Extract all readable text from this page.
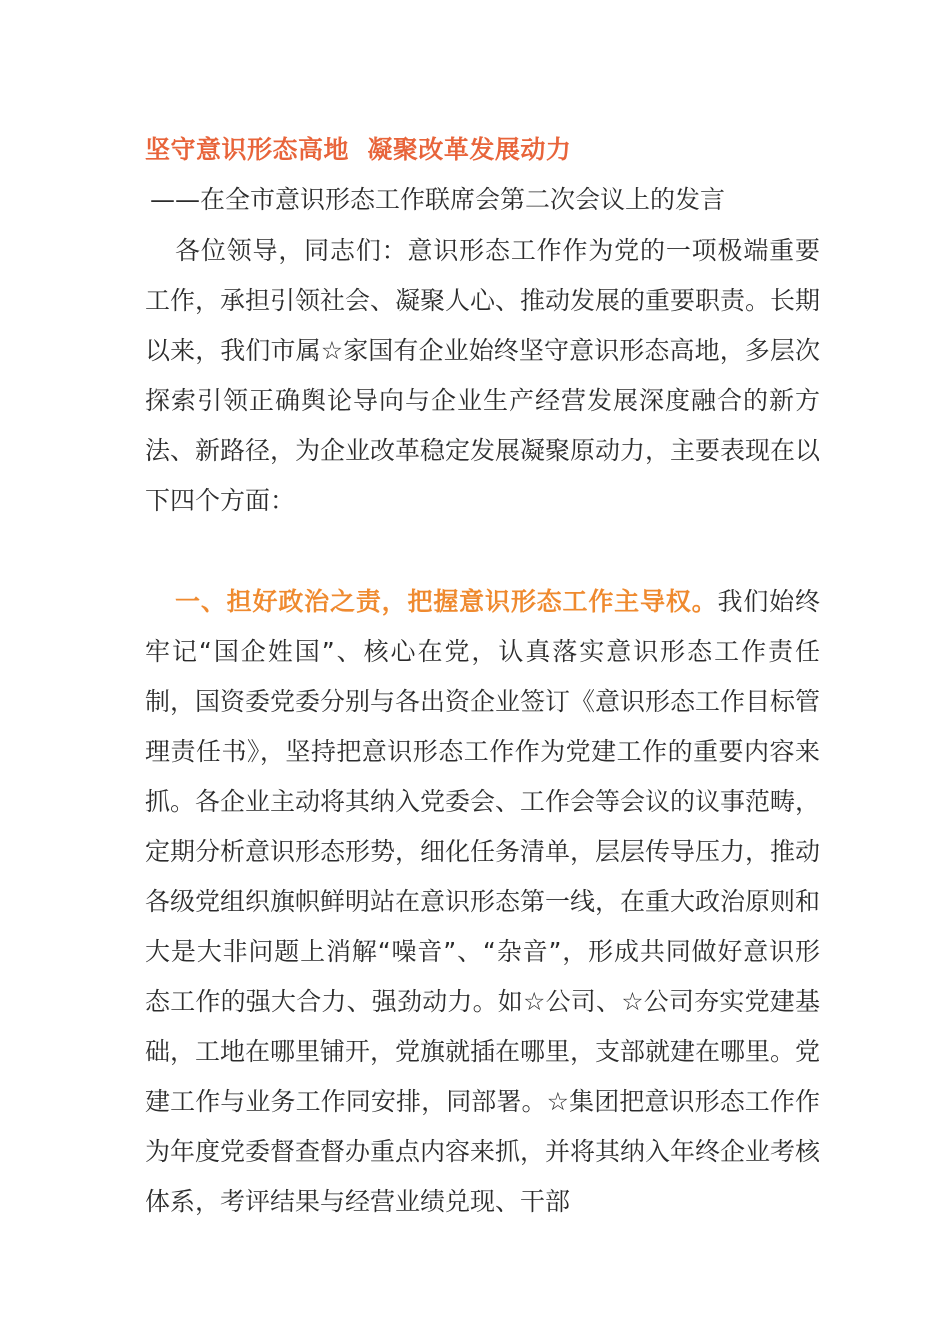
坚守意识形态高地  凝聚改革发展动力
——在全市意识形态工作联席会第二次会议上的发言
各位领导，同志们：意识形态工作作为党的一项极端重要工作，承担引领社会、凝聚人心、推动发展的重要职责。长期以来，我们市属☆家国有企业始终坚守意识形态高地，多层次探索引领正确舆论导向与企业生产经营发展深度融合的新方法、新路径，为企业改革稳定发展凝聚原动力，主要表现在以下四个方面：
一、担好政治之责，把握意识形态工作主导权。我们始终牢记“国企姓国”、核心在党，认真落实意识形态工作责任制，国资委党委分别与各出资企业签订《意识形态工作目标管理责任书》，坚持把意识形态工作作为党建工作的重要内容来抓。各企业主动将其纳入党委会、工作会等会议的议事范畴，定期分析意识形态形势，细化任务清单，层层传导压力，推动各级党组织旗帜鲜明站在意识形态第一线，在重大政治原则和大是大非问题上消解“噪音”、“杂音”，形成共同做好意识形态工作的强大合力、强劲动力。如☆公司、☆公司夯实党建基础，工地在哪里铺开，党旗就插在哪里，支部就建在哪里。党建工作与业务工作同安排，同部署。☆集团把意识形态工作作为年度党委督查督办重点内容来抓，并将其纳入年终企业考核体系，考评结果与经营业绩兑现、干部
